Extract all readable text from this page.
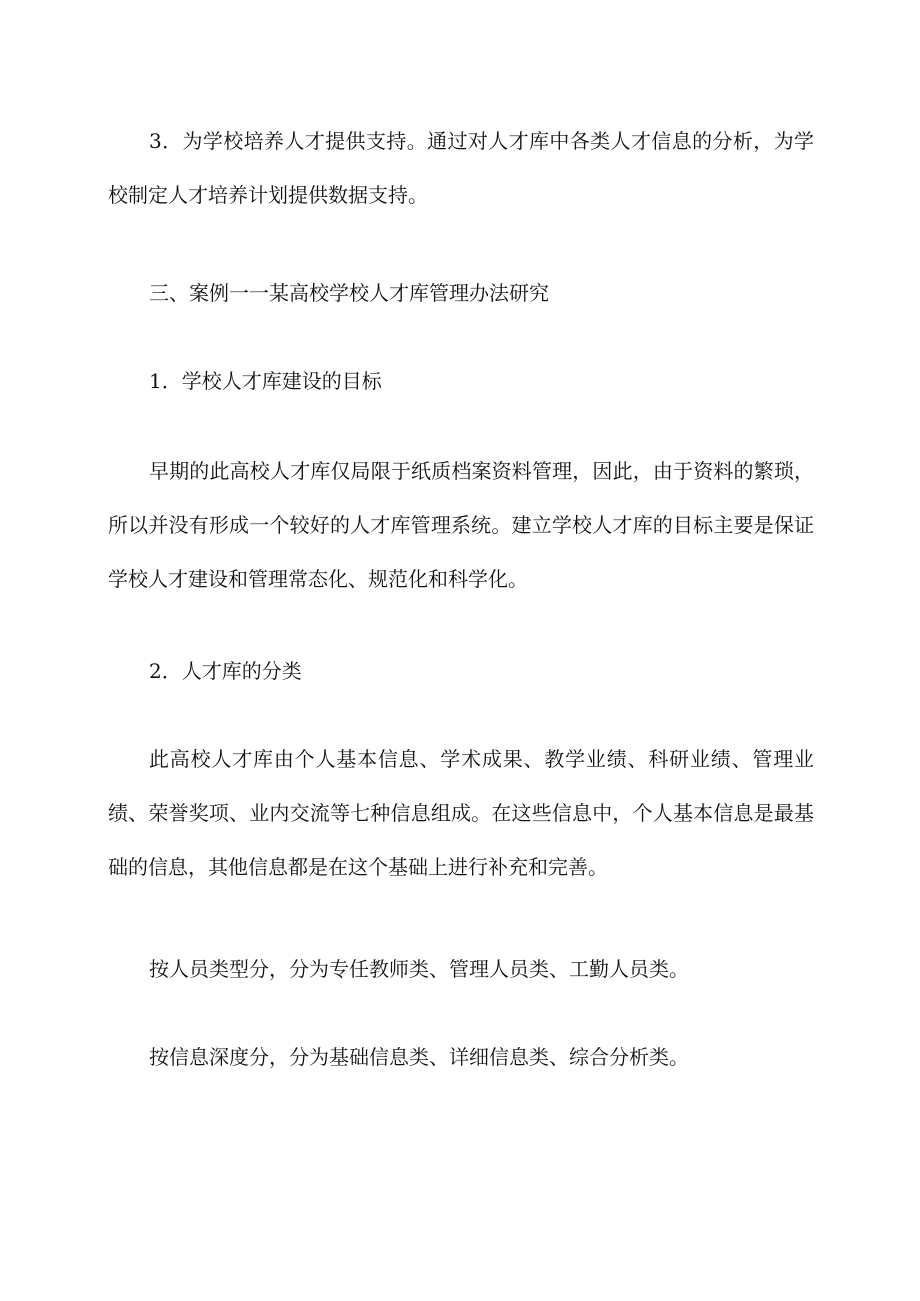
3．为学校培养人才提供支持。通过对人才库中各类人才信息的分析，为学校制定人才培养计划提供数据支持。

三、案例一一某高校学校人才库管理办法研究

1．学校人才库建设的目标

早期的此高校人才库仅局限于纸质档案资料管理，因此，由于资料的繁琐，所以并没有形成一个较好的人才库管理系统。建立学校人才库的目标主要是保证学校人才建设和管理常态化、规范化和科学化。

2．人才库的分类

此高校人才库由个人基本信息、学术成果、教学业绩、科研业绩、管理业绩、荣誉奖项、业内交流等七种信息组成。在这些信息中，个人基本信息是最基础的信息，其他信息都是在这个基础上进行补充和完善。

按人员类型分，分为专任教师类、管理人员类、工勤人员类。

按信息深度分，分为基础信息类、详细信息类、综合分析类。
